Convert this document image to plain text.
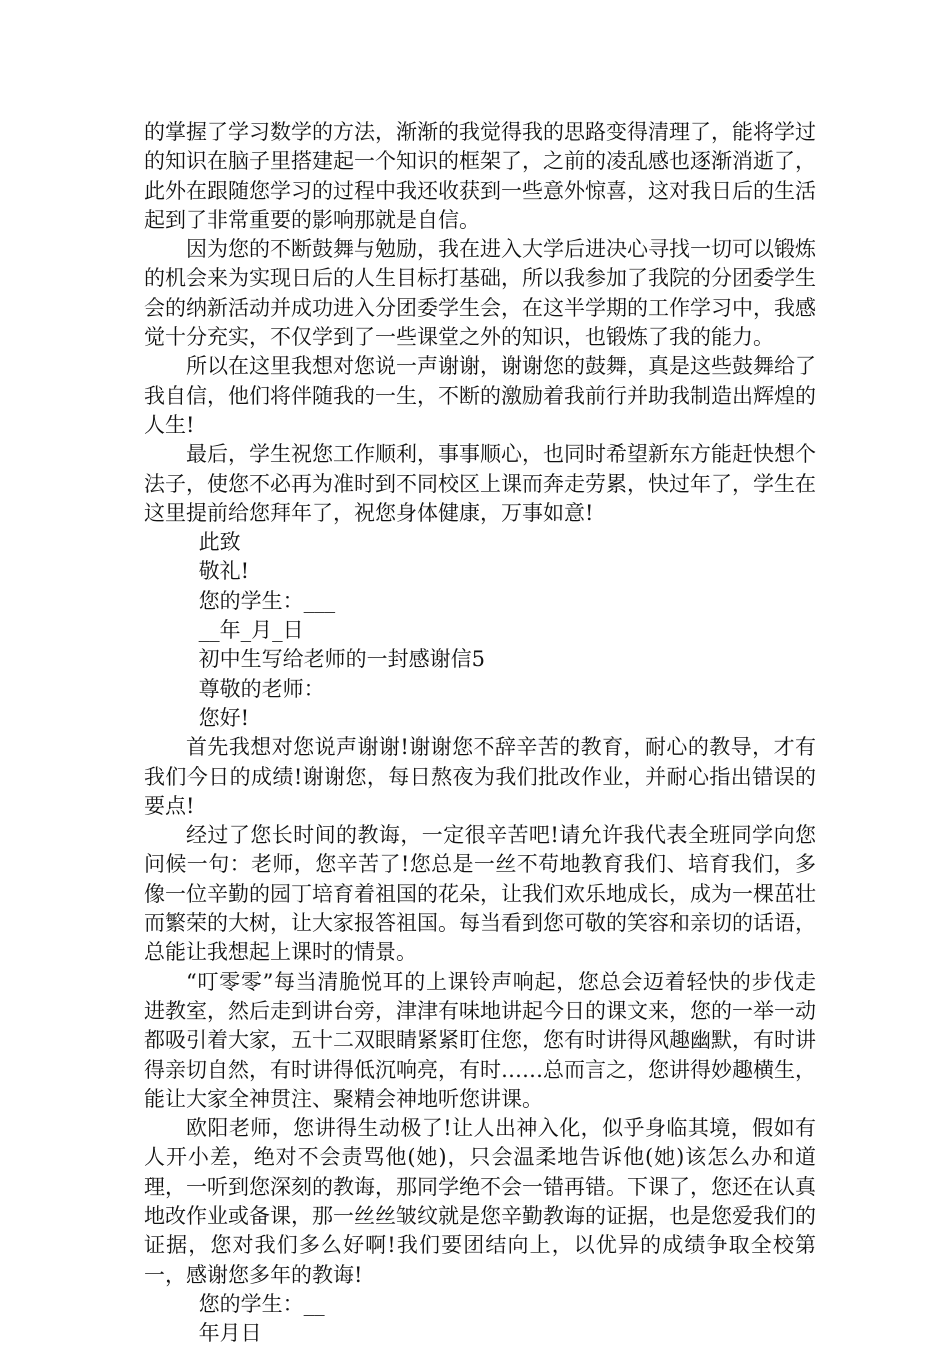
的掌握了学习数学的方法，渐渐的我觉得我的思路变得清理了，能将学过的知识在脑子里搭建起一个知识的框架了，之前的凌乱感也逐渐消逝了，此外在跟随您学习的过程中我还收获到一些意外惊喜，这对我日后的生活起到了非常重要的影响那就是自信。

因为您的不断鼓舞与勉励，我在进入大学后进决心寻找一切可以锻炼的机会来为实现日后的人生目标打基础，所以我参加了我院的分团委学生会的纳新活动并成功进入分团委学生会，在这半学期的工作学习中，我感觉十分充实，不仅学到了一些课堂之外的知识，也锻炼了我的能力。

所以在这里我想对您说一声谢谢，谢谢您的鼓舞，真是这些鼓舞给了我自信，他们将伴随我的一生，不断的激励着我前行并助我制造出辉煌的人生!

最后，学生祝您工作顺利，事事顺心，也同时希望新东方能赶快想个法子，使您不必再为准时到不同校区上课而奔走劳累，快过年了，学生在这里提前给您拜年了，祝您身体健康，万事如意!

此致

敬礼!

您的学生：___

__年_月_日

初中生写给老师的一封感谢信5

尊敬的老师：

您好!

首先我想对您说声谢谢!谢谢您不辞辛苦的教育，耐心的教导，才有我们今日的成绩!谢谢您，每日熬夜为我们批改作业，并耐心指出错误的要点!

经过了您长时间的教诲，一定很辛苦吧!请允许我代表全班同学向您问候一句：老师，您辛苦了!您总是一丝不苟地教育我们、培育我们，多像一位辛勤的园丁培育着祖国的花朵，让我们欢乐地成长，成为一棵茁壮而繁荣的大树，让大家报答祖国。每当看到您可敬的笑容和亲切的话语，总能让我想起上课时的情景。

“叮零零”每当清脆悦耳的上课铃声响起，您总会迈着轻快的步伐走进教室，然后走到讲台旁，津津有味地讲起今日的课文来，您的一举一动都吸引着大家，五十二双眼睛紧紧盯住您，您有时讲得风趣幽默，有时讲得亲切自然，有时讲得低沉响亮，有时……总而言之，您讲得妙趣横生，能让大家全神贯注、聚精会神地听您讲课。

欧阳老师，您讲得生动极了!让人出神入化，似乎身临其境，假如有人开小差，绝对不会责骂他(她)，只会温柔地告诉他(她)该怎么办和道理，一听到您深刻的教诲，那同学绝不会一错再错。下课了，您还在认真地改作业或备课，那一丝丝皱纹就是您辛勤教诲的证据，也是您爱我们的证据，您对我们多么好啊!我们要团结向上，以优异的成绩争取全校第一，感谢您多年的教诲!

您的学生：__

年月日
